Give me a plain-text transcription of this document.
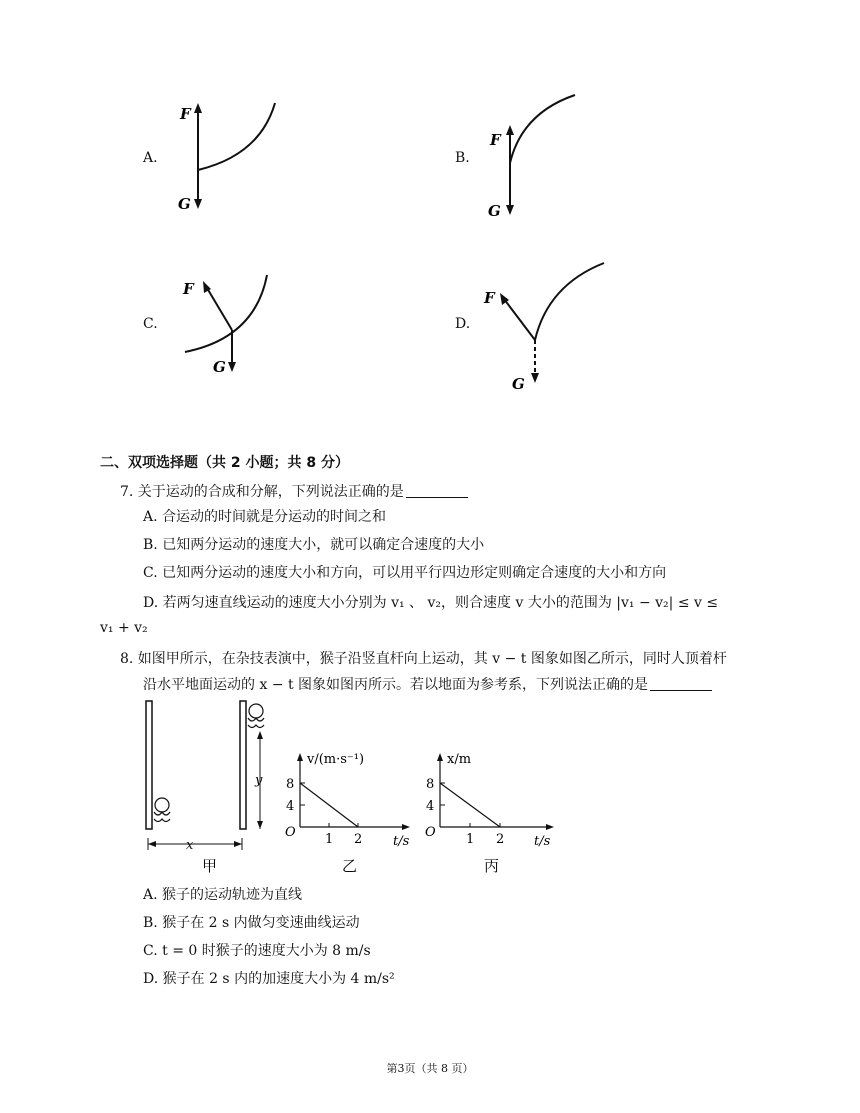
A.
F
G
B.
F
G
C.
F
G
D.
F
G
二、双项选择题（共 2 小题；共 8 分）
7. 关于运动的合成和分解，下列说法正确的是
A. 合运动的时间就是分运动的时间之和
B. 已知两分运动的速度大小，就可以确定合速度的大小
C. 已知两分运动的速度大小和方向，可以用平行四边形定则确定合速度的大小和方向
D. 若两匀速直线运动的速度大小分别为 v₁ 、 v₂，则合速度 v 大小的范围为 |v₁ − v₂| ≤ v ≤
v₁ + v₂
8. 如图甲所示，在杂技表演中，猴子沿竖直杆向上运动，其 v − t 图象如图乙所示，同时人顶着杆
沿水平地面运动的 x − t 图象如图丙所示。若以地面为参考系，下列说法正确的是
y
x
甲
v/(m·s⁻¹)
8
4
O 1 2 t/s
乙
x/m
8
4
O 1 2 t/s
丙
A. 猴子的运动轨迹为直线
B. 猴子在 2 s 内做匀变速曲线运动
C. t = 0 时猴子的速度大小为 8 m/s
D. 猴子在 2 s 内的加速度大小为 4 m/s²
第3页（共 8 页）
